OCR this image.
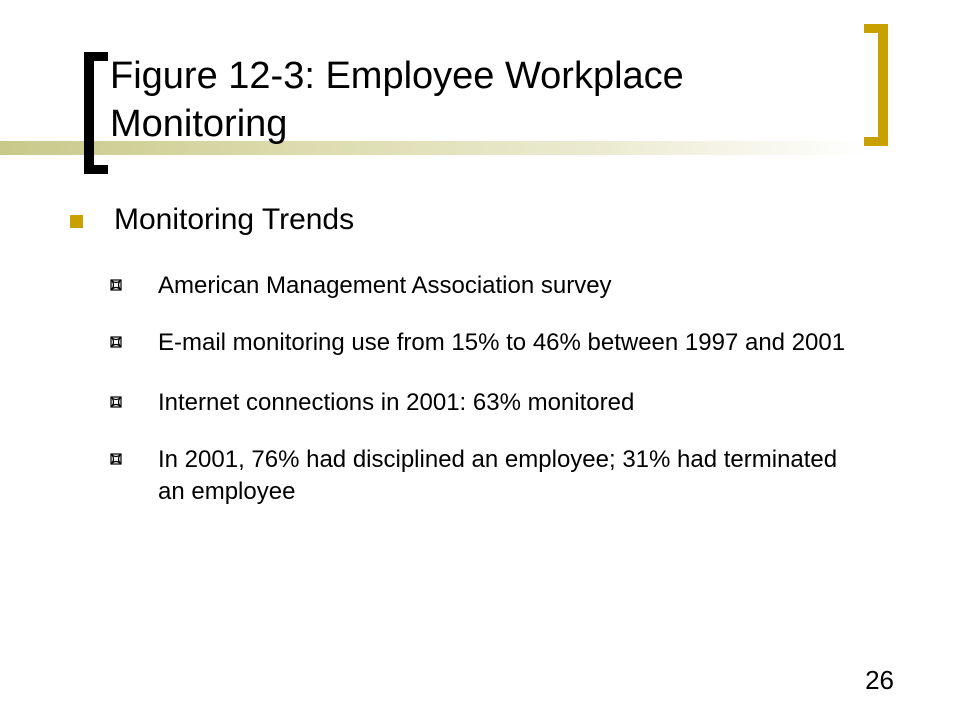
Figure 12-3: Employee Workplace Monitoring
Monitoring Trends
American Management Association survey
E-mail monitoring use from 15% to 46% between 1997 and 2001
Internet connections in 2001: 63% monitored
In 2001, 76% had disciplined an employee; 31% had terminated an employee
26
